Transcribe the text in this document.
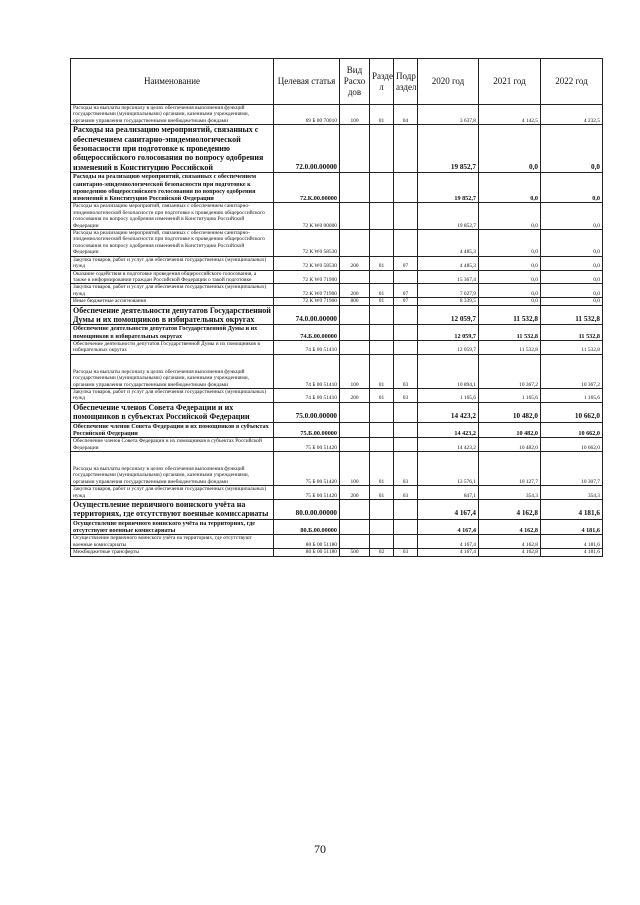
Наименование	Целевая статья	Вид Расхо дов	Разде л	Подр аздел	2020 год	2021 год	2022 год
Расходы на выплаты персоналу в целях обеспечения выполнения функций государственными (муниципальными) органами, казенными учреждениями, органами управления государственными внебюджетными фондами	69 Б 00 70010	100	01	04	3 637,8	4 142,5	4 232,5
Расходы на реализацию мероприятий, связанных с обеспечением санитарно-эпидемиологической безопасности при подготовке к проведению общероссийского голосования по вопросу одобрения изменений в Конституцию Российской	72.0.00.00000				19 852,7	0,0	0,0
Расходы на реализацию мероприятий, связанных с обеспечением санитарно-эпидемиологической безопасности при подготовке к проведению общероссийского голосования по вопросу одобрения изменений в Конституцию Российской Федерации	72.К.00.00000				19 852,7	0,0	0,0
Расходы на реализацию мероприятий, связанных с обеспечением санитарно-эпидемиологической безопасности при подготовке к проведению общероссийского голосования по вопросу одобрения изменений в Конституцию Российской Федерации	72 К W0 00000				19 852,7	0,0	0,0
Расходы на реализацию мероприятий, связанных с обеспечением санитарно-эпидемиологической безопасности при подготовке к проведению общероссийского голосования по вопросу одобрения изменений в Конституцию Российской Федерации	72 К W0 58530				4 485,3	0,0	0,0
Закупка товаров, работ и услуг для обеспечения государственных (муниципальных) нужд	72 К W0 58530	200	01	07	4 485,3	0,0	0,0
Оказание содействия в подготовке проведения общероссийского голосования, а также в информировании граждан Российской Федерации о такой подготовке	72 К W0 71900				15 367,4	0,0	0,0
Закупка товаров, работ и услуг для обеспечения государственных (муниципальных) нужд	72 К W0 71900	200	01	07	7 027,9	0,0	0,0
Иные бюджетные ассигнования	72 К W0 71900	800	01	07	8 339,5	0,0	0,0
Обеспечение деятельности депутатов Государственной Думы и их помощников в избирательных округах	74.0.00.00000				12 059,7	11 532,8	11 532,8
Обеспечение деятельности депутатов Государственной Думы и их помощников в избирательных округах	74.Б.00.00000				12 059,7	11 532,8	11 532,8
Обеспечение деятельности депутатов Государственной Думы и их помощников в избирательных округах	74 Б 00 51410				12 059,7	11 532,8	11 532,8
Расходы на выплаты персоналу в целях обеспечения выполнения функций государственными (муниципальными) органами, казенными учреждениями, органами управления государственными внебюджетными фондами	74 Б 00 51410	100	01	03	10 894,1	10 367,2	10 367,2
Закупка товаров, работ и услуг для обеспечения государственных (муниципальных) нужд	74 Б 00 51410	200	01	03	1 165,6	1 165,6	1 165,6
Обеспечение членов Совета Федерации и их помощников в субъектах Российской Федерации	75.0.00.00000				14 423,2	10 482,0	10 662,0
Обеспечение членов Совета Федерации и их помощников в субъектах Российской Федерации	75.Б.00.00000				14 423,2	10 482,0	10 662,0
Обеспечение членов Совета Федерации и их помощников в субъектах Российской Федерации	75 Б 00 51420				14 423,2	10 482,0	10 662,0
Расходы на выплаты персоналу в целях обеспечения выполнения функций государственными (муниципальными) органами, казенными учреждениями, органами управления государственными внебюджетными фондами	75 Б 00 51420	100	01	03	13 576,1	10 127,7	10 307,7
Закупка товаров, работ и услуг для обеспечения государственных (муниципальных) нужд	75 Б 00 51420	200	01	03	847,1	354,3	354,3
Осуществление первичного воинского учёта на территориях, где отсутствуют военные комиссариаты	80.0.00.00000				4 167,4	4 162,8	4 181,6
Осуществление первичного воинского учёта на территориях, где отсутствуют военные комиссариаты	80.Б.00.00000				4 167,4	4 162,8	4 181,6
Осуществление первичного воинского учёта на территориях, где отсутствуют военные комиссариаты	80 Б 00 51180				4 167,4	4 162,8	4 181,6
Межбюджетные трансферты	80 Б 00 51180	500	02	03	4 167,4	4 162,8	4 181,6
70
